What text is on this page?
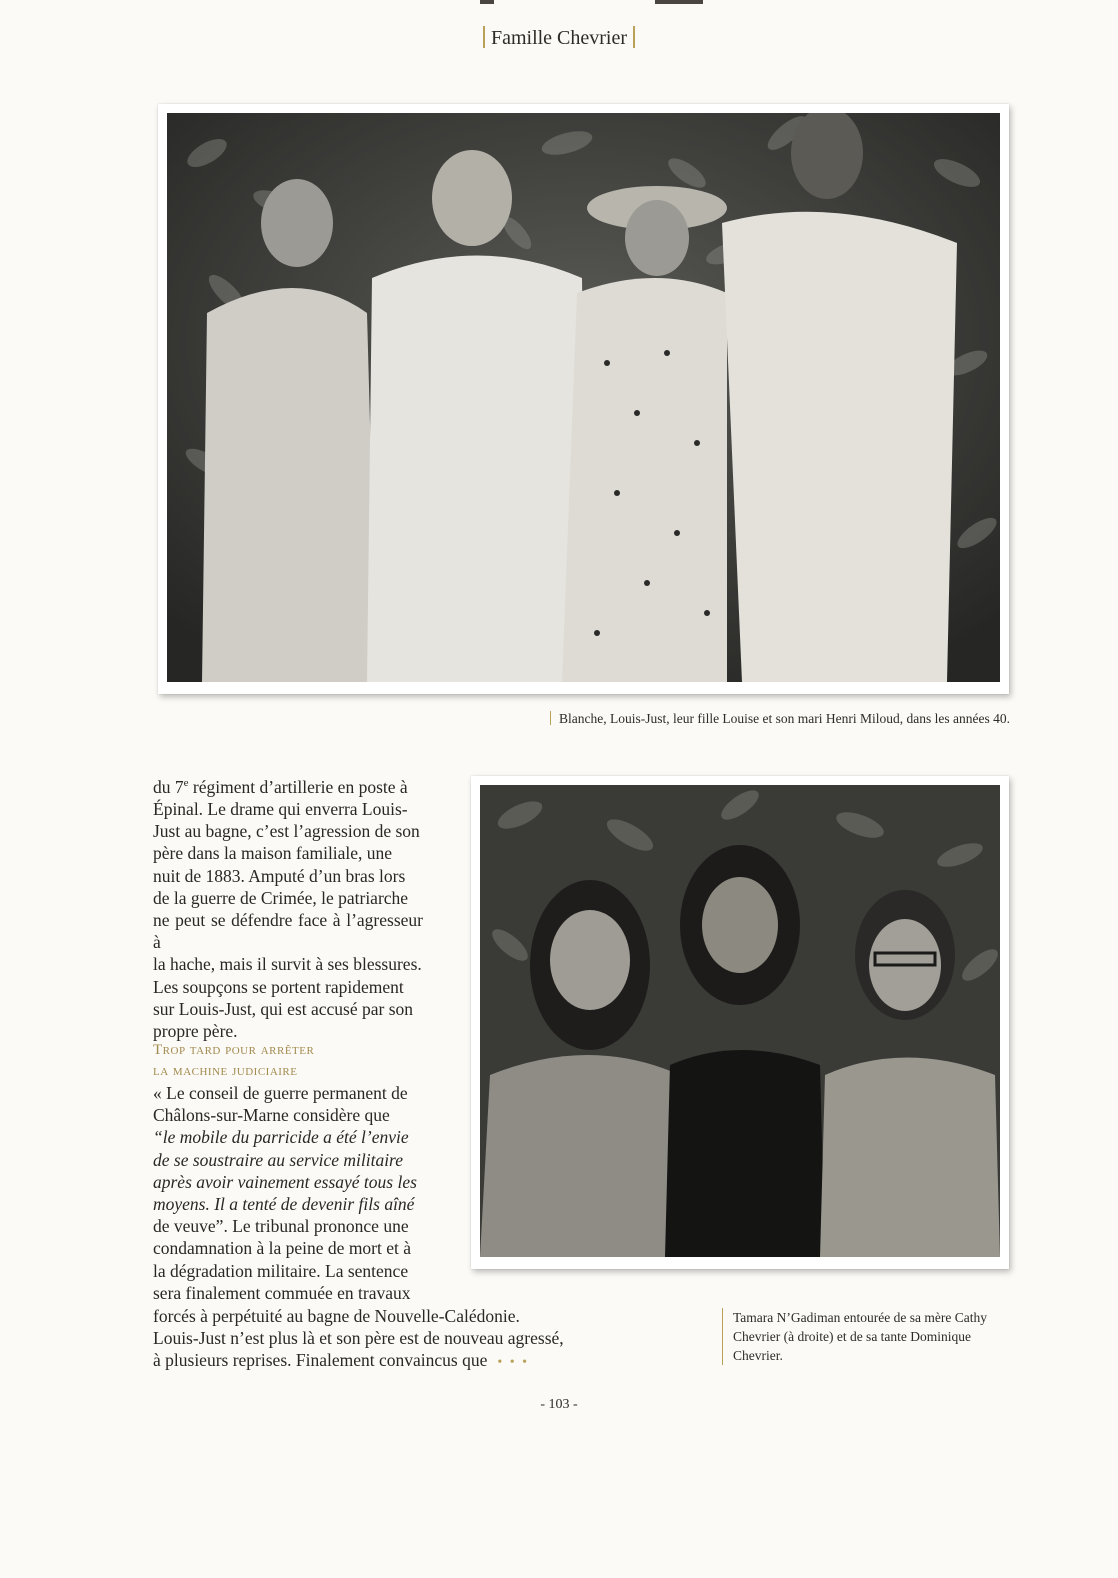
Famille Chevrier
Blanche, Louis-Just, leur fille Louise et son mari Henri Miloud, dans les années 40.

du 7e régiment d’artillerie en poste à

Épinal. Le drame qui enverra Louis-

Just au bagne, c’est l’agression de son

père dans la maison familiale, une

nuit de 1883. Amputé d’un bras lors

de la guerre de Crimée, le patriarche

ne peut se défendre face à l’agresseur à

la hache, mais il survit à ses blessures.

Les soupçons se portent rapidement

sur Louis-Just, qui est accusé par son

propre père.

Trop tard pour arrêter
la machine judiciaire

« Le conseil de guerre permanent de

Châlons-sur-Marne considère que

“le mobile du parricide a été l’envie

de se soustraire au service militaire

après avoir vainement essayé tous les

moyens. Il a tenté de devenir fils aîné

de veuve”. Le tribunal prononce une

condamnation à la peine de mort et à

la dégradation militaire. La sentence

sera finalement commuée en travaux

forcés à perpétuité au bagne de Nouvelle-Calédonie.
Louis-Just n’est plus là et son père est de nouveau agressé,
à plusieurs reprises. Finalement convaincus que • • •
Tamara N’Gadiman entourée de sa mère Cathy
Chevrier (à droite) et de sa tante Dominique
Chevrier.
- 103 -
